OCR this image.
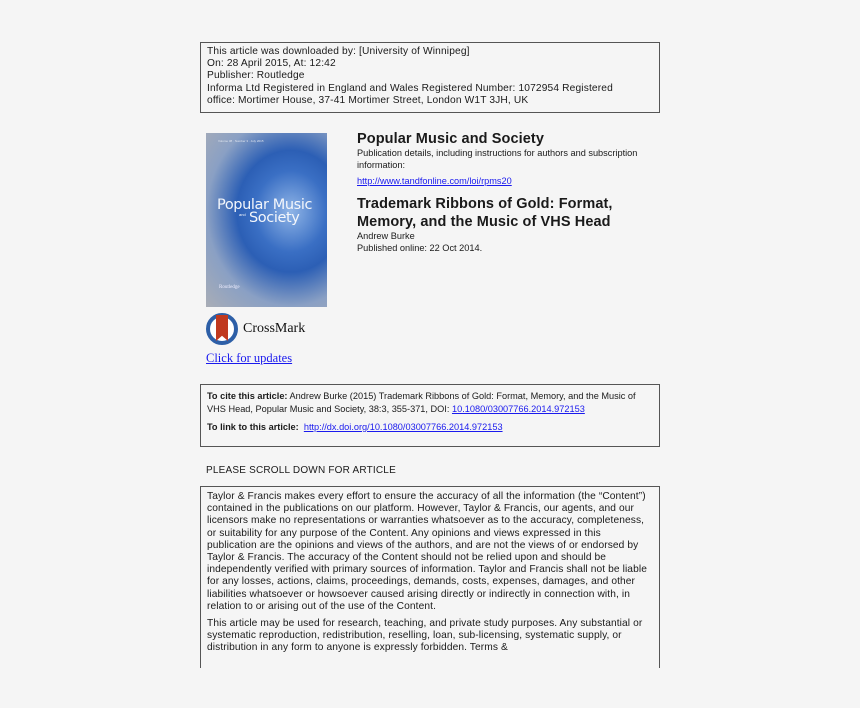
This article was downloaded by: [University of Winnipeg]
On: 28 April 2015, At: 12:42
Publisher: Routledge
Informa Ltd Registered in England and Wales Registered Number: 1072954 Registered
office: Mortimer House, 37-41 Mortimer Street, London W1T 3JH, UK
Volume 38 · Number 3 · July 2015
Popular Music
and Society
Routledge
CrossMark
Click for updates
Popular Music and Society
Publication details, including instructions for authors and subscription information:
http://www.tandfonline.com/loi/rpms20
Trademark Ribbons of Gold: Format, Memory, and the Music of VHS Head
Andrew Burke
Published online: 22 Oct 2014.

To cite this article: Andrew Burke (2015) Trademark Ribbons of Gold: Format, Memory, and the Music of VHS Head, Popular Music and Society, 38:3, 355-371, DOI: 10.1080/03007766.2014.972153

To link to this article: http://dx.doi.org/10.1080/03007766.2014.972153

PLEASE SCROLL DOWN FOR ARTICLE

Taylor & Francis makes every effort to ensure the accuracy of all the information (the “Content”) contained in the publications on our platform. However, Taylor & Francis, our agents, and our licensors make no representations or warranties whatsoever as to the accuracy, completeness, or suitability for any purpose of the Content. Any opinions and views expressed in this publication are the opinions and views of the authors, and are not the views of or endorsed by Taylor & Francis. The accuracy of the Content should not be relied upon and should be independently verified with primary sources of information. Taylor and Francis shall not be liable for any losses, actions, claims, proceedings, demands, costs, expenses, damages, and other liabilities whatsoever or howsoever caused arising directly or indirectly in connection with, in relation to or arising out of the use of the Content.

This article may be used for research, teaching, and private study purposes. Any substantial or systematic reproduction, redistribution, reselling, loan, sub-licensing, systematic supply, or distribution in any form to anyone is expressly forbidden. Terms &
